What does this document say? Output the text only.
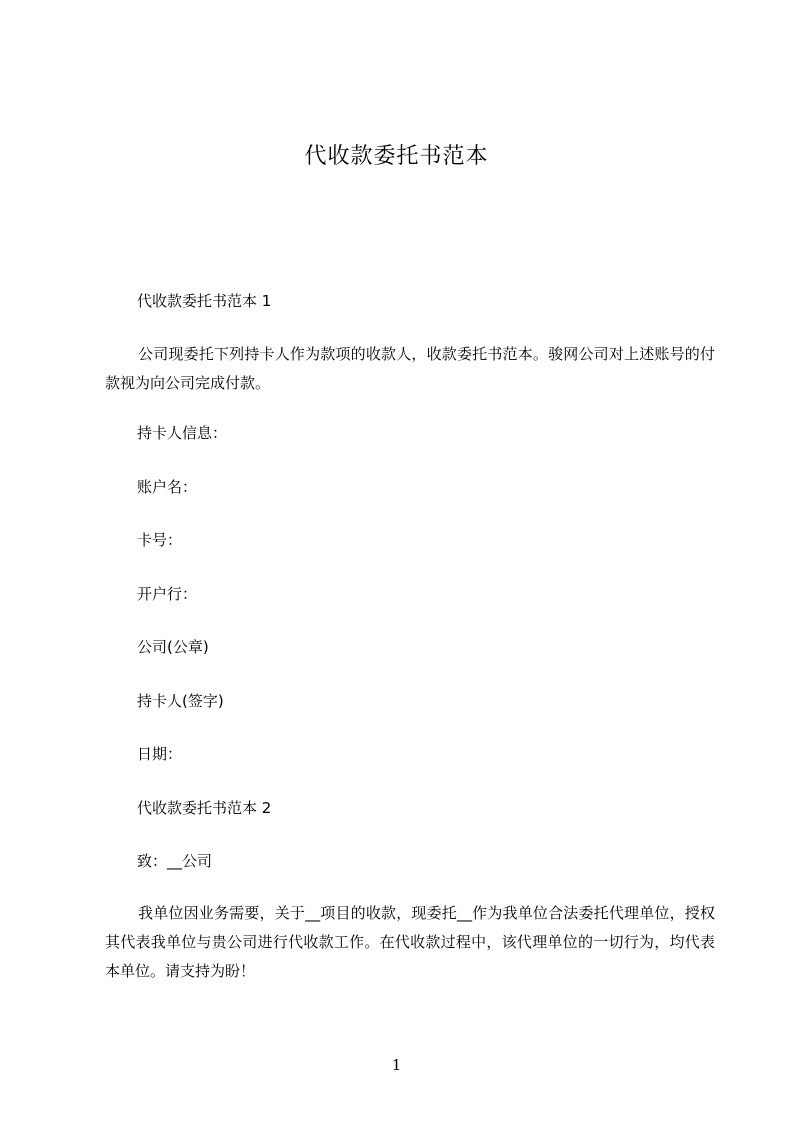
代收款委托书范本
代收款委托书范本 1
公司现委托下列持卡人作为款项的收款人，收款委托书范本。骏网公司对上述账号的付款视为向公司完成付款。
持卡人信息：
账户名：
卡号：
开户行：
公司(公章)
持卡人(签字)
日期：
代收款委托书范本 2
致：__公司
我单位因业务需要，关于__项目的收款，现委托__作为我单位合法委托代理单位，授权其代表我单位与贵公司进行代收款工作。在代收款过程中，该代理单位的一切行为，均代表本单位。请支持为盼！
1
